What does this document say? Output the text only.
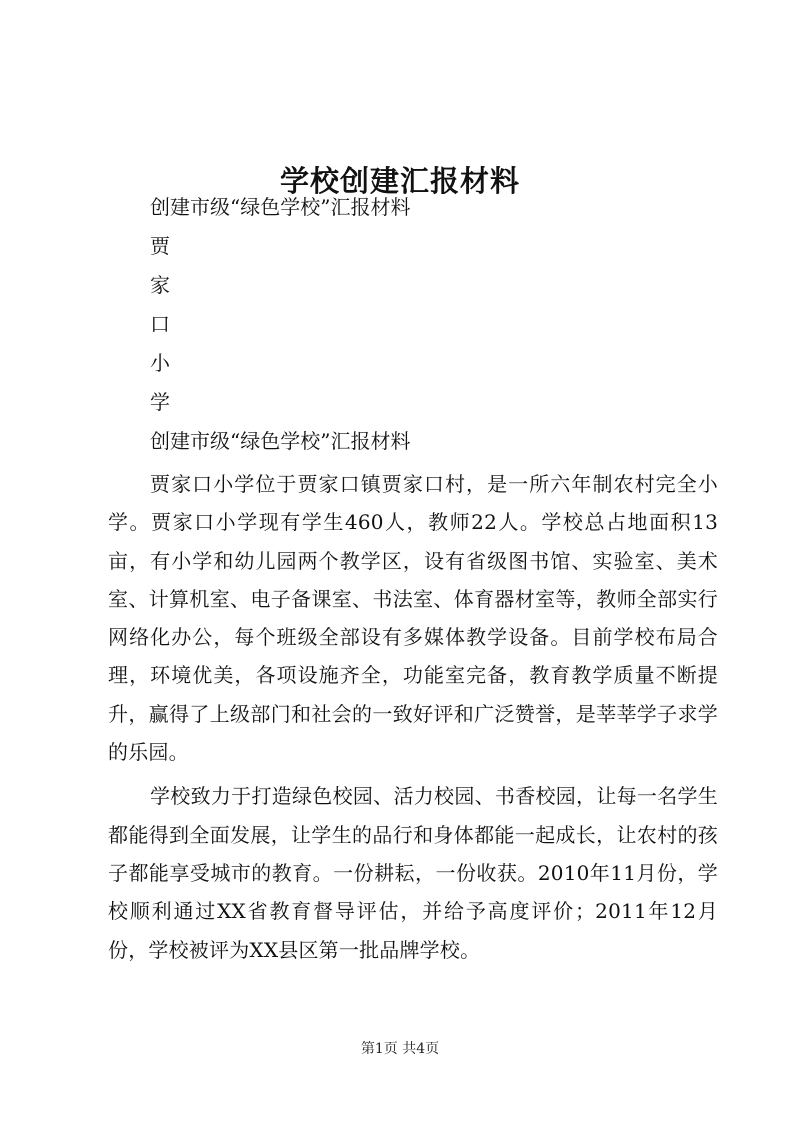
学校创建汇报材料
创建市级“绿色学校”汇报材料
贾
家
口
小
学
创建市级“绿色学校”汇报材料

贾家口小学位于贾家口镇贾家口村，是一所六年制农村完全小学。贾家口小学现有学生460人，教师22人。学校总占地面积13亩，有小学和幼儿园两个教学区，设有省级图书馆、实验室、美术室、计算机室、电子备课室、书法室、体育器材室等，教师全部实行网络化办公，每个班级全部设有多媒体教学设备。目前学校布局合理，环境优美，各项设施齐全，功能室完备，教育教学质量不断提升，赢得了上级部门和社会的一致好评和广泛赞誉，是莘莘学子求学的乐园。

学校致力于打造绿色校园、活力校园、书香校园，让每一名学生都能得到全面发展，让学生的品行和身体都能一起成长，让农村的孩子都能享受城市的教育。一份耕耘，一份收获。2010年11月份，学校顺利通过XX省教育督导评估，并给予高度评价；2011年12月份，学校被评为XX县区第一批品牌学校。

第1页 共4页
